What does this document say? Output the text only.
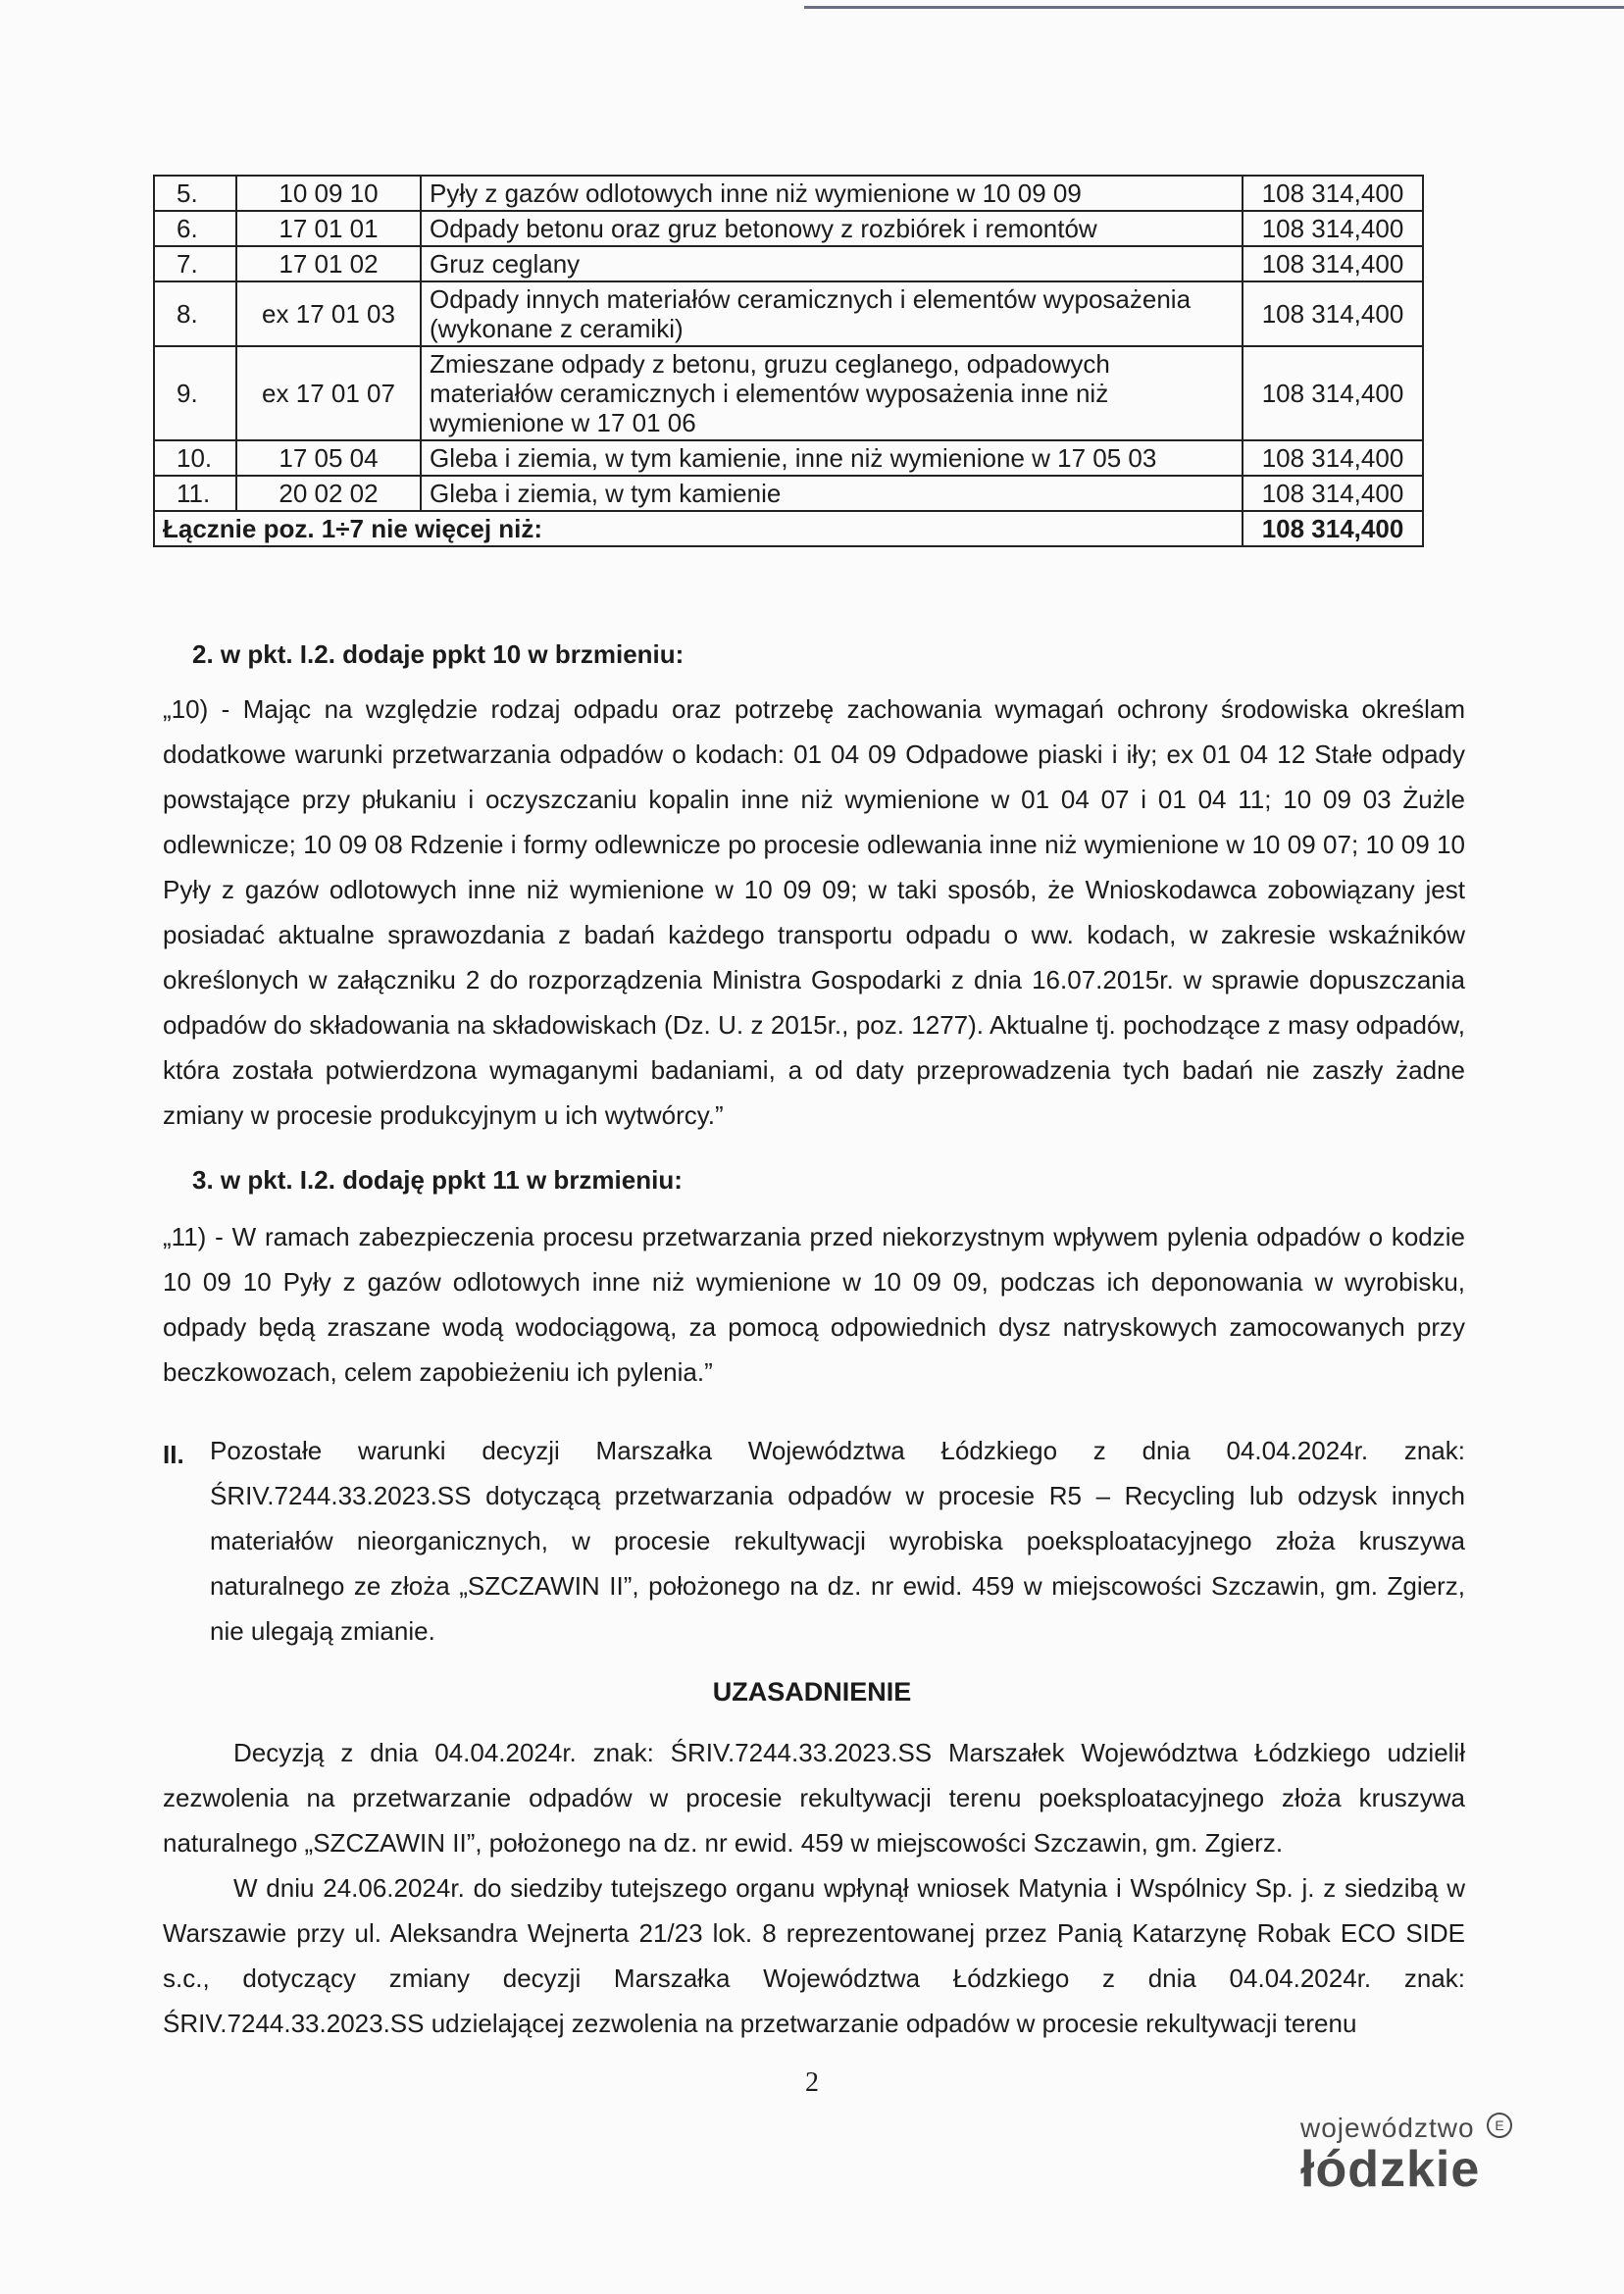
5.	10 09 10	Pyły z gazów odlotowych inne niż wymienione w 10 09 09	108 314,400
6.	17 01 01	Odpady betonu oraz gruz betonowy z rozbiórek i remontów	108 314,400
7.	17 01 02	Gruz ceglany	108 314,400
8.	ex 17 01 03	Odpady innych materiałów ceramicznych i elementów wyposażenia (wykonane z ceramiki)	108 314,400
9.	ex 17 01 07	Zmieszane odpady z betonu, gruzu ceglanego, odpadowych materiałów ceramicznych i elementów wyposażenia inne niż wymienione w 17 01 06	108 314,400
10.	17 05 04	Gleba i ziemia, w tym kamienie, inne niż wymienione w 17 05 03	108 314,400
11.	20 02 02	Gleba i ziemia, w tym kamienie	108 314,400
Łącznie poz. 1÷7 nie więcej niż:			108 314,400
2. w pkt. I.2. dodaje ppkt 10 w brzmieniu:

„10) - Mając na względzie rodzaj odpadu oraz potrzebę zachowania wymagań ochrony środowiska określam dodatkowe warunki przetwarzania odpadów o kodach: 01 04 09 Odpadowe piaski i iły; ex 01 04 12 Stałe odpady powstające przy płukaniu i oczyszczaniu kopalin inne niż wymienione w 01 04 07 i 01 04 11; 10 09 03 Żużle odlewnicze; 10 09 08 Rdzenie i formy odlewnicze po procesie odlewania inne niż wymienione w 10 09 07; 10 09 10 Pyły z gazów odlotowych inne niż wymienione w 10 09 09; w taki sposób, że Wnioskodawca zobowiązany jest posiadać aktualne sprawozdania z badań każdego transportu odpadu o ww. kodach, w zakresie wskaźników określonych w załączniku 2 do rozporządzenia Ministra Gospodarki z dnia 16.07.2015r. w sprawie dopuszczania odpadów do składowania na składowiskach (Dz. U. z 2015r., poz. 1277). Aktualne tj. pochodzące z masy odpadów, która została potwierdzona wymaganymi badaniami, a od daty przeprowadzenia tych badań nie zaszły żadne zmiany w procesie produkcyjnym u ich wytwórcy.”

3. w pkt. I.2. dodaję ppkt 11 w brzmieniu:

„11) - W ramach zabezpieczenia procesu przetwarzania przed niekorzystnym wpływem pylenia odpadów o kodzie 10 09 10 Pyły z gazów odlotowych inne niż wymienione w 10 09 09, podczas ich deponowania w wyrobisku, odpady będą zraszane wodą wodociągową, za pomocą odpowiednich dysz natryskowych zamocowanych przy beczkowozach, celem zapobieżeniu ich pylenia.”

II. Pozostałe warunki decyzji Marszałka Województwa Łódzkiego z dnia 04.04.2024r. znak: ŚRIV.7244.33.2023.SS dotyczącą przetwarzania odpadów w procesie R5 – Recycling lub odzysk innych materiałów nieorganicznych, w procesie rekultywacji wyrobiska poeksploatacyjnego złoża kruszywa naturalnego ze złoża „SZCZAWIN II”, położonego na dz. nr ewid. 459 w miejscowości Szczawin, gm. Zgierz, nie ulegają zmianie.

UZASADNIENIE

Decyzją z dnia 04.04.2024r. znak: ŚRIV.7244.33.2023.SS Marszałek Województwa Łódzkiego udzielił zezwolenia na przetwarzanie odpadów w procesie rekultywacji terenu poeksploatacyjnego złoża kruszywa naturalnego „SZCZAWIN II”, położonego na dz. nr ewid. 459 w miejscowości Szczawin, gm. Zgierz.

W dniu 24.06.2024r. do siedziby tutejszego organu wpłynął wniosek Matynia i Wspólnicy Sp. j. z siedzibą w Warszawie przy ul. Aleksandra Wejnerta 21/23 lok. 8 reprezentowanej przez Panią Katarzynę Robak ECO SIDE s.c., dotyczący zmiany decyzji Marszałka Województwa Łódzkiego z dnia 04.04.2024r. znak: ŚRIV.7244.33.2023.SS udzielającej zezwolenia na przetwarzanie odpadów w procesie rekultywacji terenu

2
województwo
łódzkie
E
